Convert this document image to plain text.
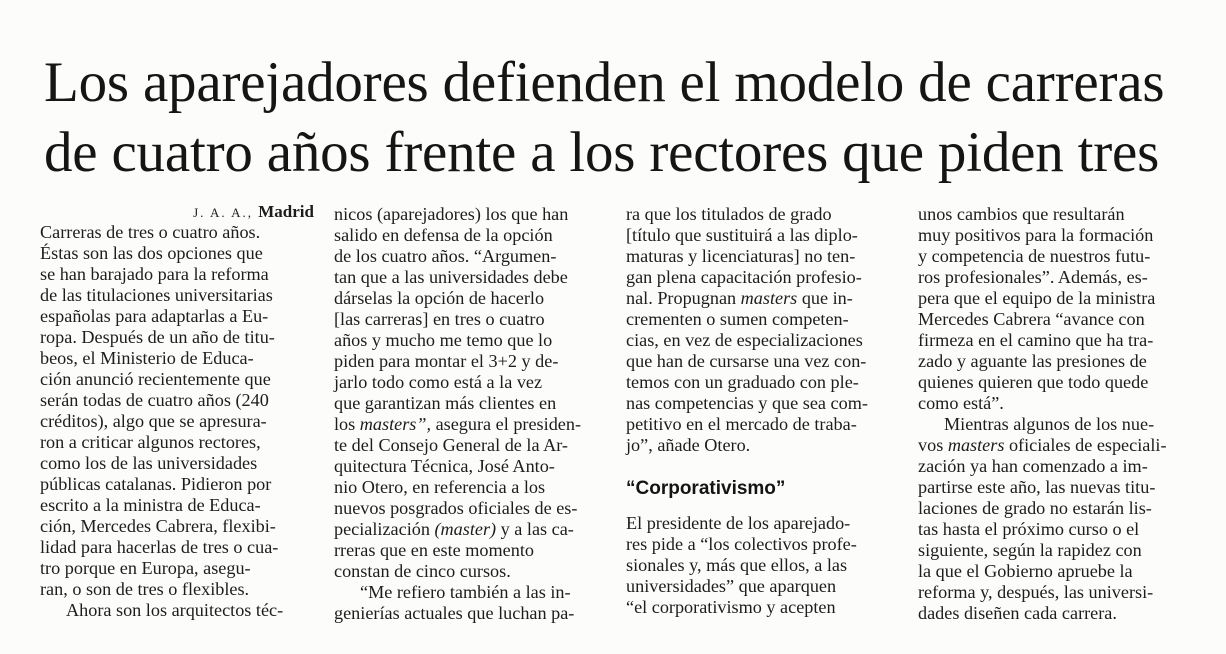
Los aparejadores defienden el modelo de carreras
de cuatro años frente a los rectores que piden tres
J. A. A., Madrid
Carreras de tres o cuatro años.
Éstas son las dos opciones que
se han barajado para la reforma
de las titulaciones universitarias
españolas para adaptarlas a Eu-
ropa. Después de un año de titu-
beos, el Ministerio de Educa-
ción anunció recientemente que
serán todas de cuatro años (240
créditos), algo que se apresura-
ron a criticar algunos rectores,
como los de las universidades
públicas catalanas. Pidieron por
escrito a la ministra de Educa-
ción, Mercedes Cabrera, flexibi-
lidad para hacerlas de tres o cua-
tro porque en Europa, asegu-
ran, o son de tres o flexibles.
Ahora son los arquitectos téc-
nicos (aparejadores) los que han
salido en defensa de la opción
de los cuatro años. “Argumen-
tan que a las universidades debe
dárselas la opción de hacerlo
[las carreras] en tres o cuatro
años y mucho me temo que lo
piden para montar el 3+2 y de-
jarlo todo como está a la vez
que garantizan más clientes en
los masters”, asegura el presiden-
te del Consejo General de la Ar-
quitectura Técnica, José Anto-
nio Otero, en referencia a los
nuevos posgrados oficiales de es-
pecialización (master) y a las ca-
rreras que en este momento
constan de cinco cursos.
“Me refiero también a las in-
genierías actuales que luchan pa-
ra que los titulados de grado
[título que sustituirá a las diplo-
maturas y licenciaturas] no ten-
gan plena capacitación profesio-
nal. Propugnan masters que in-
crementen o sumen competen-
cias, en vez de especializaciones
que han de cursarse una vez con-
temos con un graduado con ple-
nas competencias y que sea com-
petitivo en el mercado de traba-
jo”, añade Otero.
“Corporativismo”
El presidente de los aparejado-
res pide a “los colectivos profe-
sionales y, más que ellos, a las
universidades” que aparquen
“el corporativismo y acepten
unos cambios que resultarán
muy positivos para la formación
y competencia de nuestros futu-
ros profesionales”. Además, es-
pera que el equipo de la ministra
Mercedes Cabrera “avance con
firmeza en el camino que ha tra-
zado y aguante las presiones de
quienes quieren que todo quede
como está”.
Mientras algunos de los nue-
vos masters oficiales de especiali-
zación ya han comenzado a im-
partirse este año, las nuevas titu-
laciones de grado no estarán lis-
tas hasta el próximo curso o el
siguiente, según la rapidez con
la que el Gobierno apruebe la
reforma y, después, las universi-
dades diseñen cada carrera.
